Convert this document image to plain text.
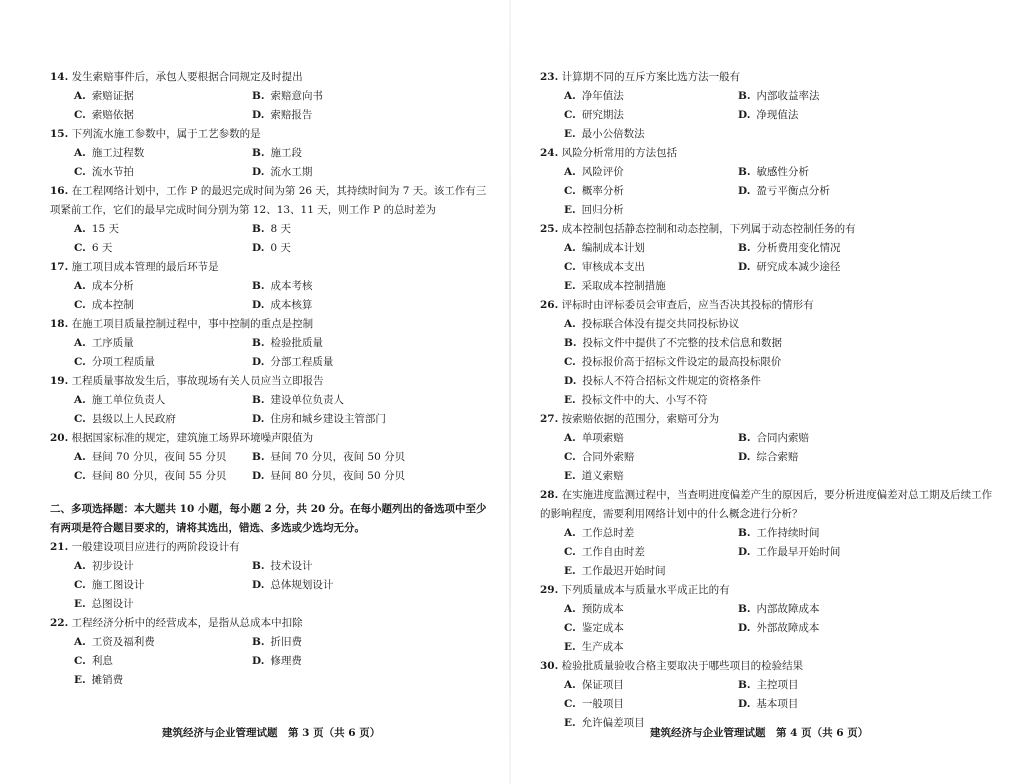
14. 发生索赔事件后，承包人要根据合同规定及时提出
A. 索赔证据	B. 索赔意向书
C. 索赔依据	D. 索赔报告
15. 下列流水施工参数中，属于工艺参数的是
A. 施工过程数	B. 施工段
C. 流水节拍	D. 流水工期
16. 在工程网络计划中，工作 P 的最迟完成时间为第 26 天，其持续时间为 7 天。该工作有三项紧前工作，它们的最早完成时间分别为第 12、13、11 天，则工作 P 的总时差为
A. 15 天	B. 8 天
C. 6 天	D. 0 天
17. 施工项目成本管理的最后环节是
A. 成本分析	B. 成本考核
C. 成本控制	D. 成本核算
18. 在施工项目质量控制过程中，事中控制的重点是控制
A. 工序质量	B. 检验批质量
C. 分项工程质量	D. 分部工程质量
19. 工程质量事故发生后，事故现场有关人员应当立即报告
A. 施工单位负责人	B. 建设单位负责人
C. 县级以上人民政府	D. 住房和城乡建设主管部门
20. 根据国家标准的规定，建筑施工场界环境噪声限值为
A. 昼间 70 分贝，夜间 55 分贝	B. 昼间 70 分贝，夜间 50 分贝
C. 昼间 80 分贝，夜间 55 分贝	D. 昼间 80 分贝，夜间 50 分贝
二、多项选择题：本大题共 10 小题，每小题 2 分，共 20 分。在每小题列出的备选项中至少有两项是符合题目要求的，请将其选出，错选、多选或少选均无分。
21. 一般建设项目应进行的两阶段设计有
A. 初步设计	B. 技术设计
C. 施工图设计	D. 总体规划设计
E. 总图设计
22. 工程经济分析中的经营成本，是指从总成本中扣除
A. 工资及福利费	B. 折旧费
C. 利息	D. 修理费
E. 摊销费
建筑经济与企业管理试题　第 3 页（共 6 页）
23. 计算期不同的互斥方案比选方法一般有
A. 净年值法	B. 内部收益率法
C. 研究期法	D. 净现值法
E. 最小公倍数法
24. 风险分析常用的方法包括
A. 风险评价	B. 敏感性分析
C. 概率分析	D. 盈亏平衡点分析
E. 回归分析
25. 成本控制包括静态控制和动态控制，下列属于动态控制任务的有
A. 编制成本计划	B. 分析费用变化情况
C. 审核成本支出	D. 研究成本减少途径
E. 采取成本控制措施
26. 评标时由评标委员会审查后，应当否决其投标的情形有
A. 投标联合体没有提交共同投标协议
B. 投标文件中提供了不完整的技术信息和数据
C. 投标报价高于招标文件设定的最高投标限价
D. 投标人不符合招标文件规定的资格条件
E. 投标文件中的大、小写不符
27. 按索赔依据的范围分，索赔可分为
A. 单项索赔	B. 合同内索赔
C. 合同外索赔	D. 综合索赔
E. 道义索赔
28. 在实施进度监测过程中，当查明进度偏差产生的原因后，要分析进度偏差对总工期及后续工作的影响程度，需要利用网络计划中的什么概念进行分析？
A. 工作总时差	B. 工作持续时间
C. 工作自由时差	D. 工作最早开始时间
E. 工作最迟开始时间
29. 下列质量成本与质量水平成正比的有
A. 预防成本	B. 内部故障成本
C. 鉴定成本	D. 外部故障成本
E. 生产成本
30. 检验批质量验收合格主要取决于哪些项目的检验结果
A. 保证项目	B. 主控项目
C. 一般项目	D. 基本项目
E. 允许偏差项目
建筑经济与企业管理试题　第 4 页（共 6 页）
